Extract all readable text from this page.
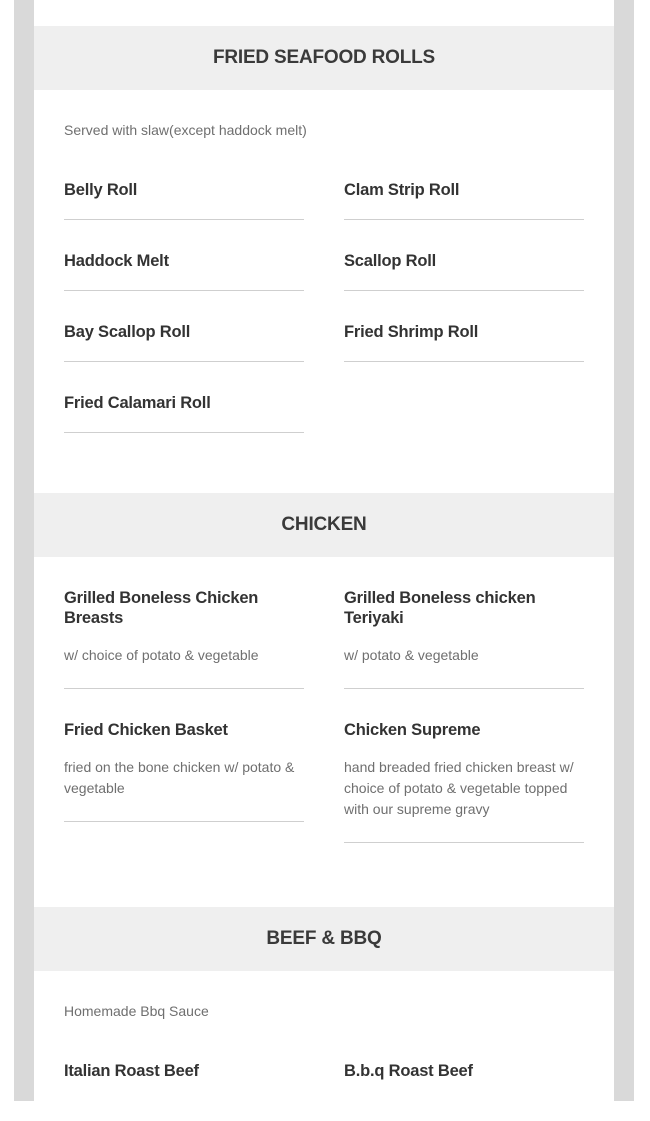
FRIED SEAFOOD ROLLS
Served with slaw(except haddock melt)
Belly Roll	Clam Strip Roll
Haddock Melt	Scallop Roll
Bay Scallop Roll	Fried Shrimp Roll
Fried Calamari Roll
CHICKEN
Grilled Boneless Chicken Breasts
w/ choice of potato & vegetable
Grilled Boneless chicken Teriyaki
w/ potato & vegetable
Fried Chicken Basket
fried on the bone chicken w/ potato & vegetable
Chicken Supreme
hand breaded fried chicken breast w/ choice of potato & vegetable topped with our supreme gravy
BEEF & BBQ
Homemade Bbq Sauce
Italian Roast Beef	B.b.q Roast Beef
